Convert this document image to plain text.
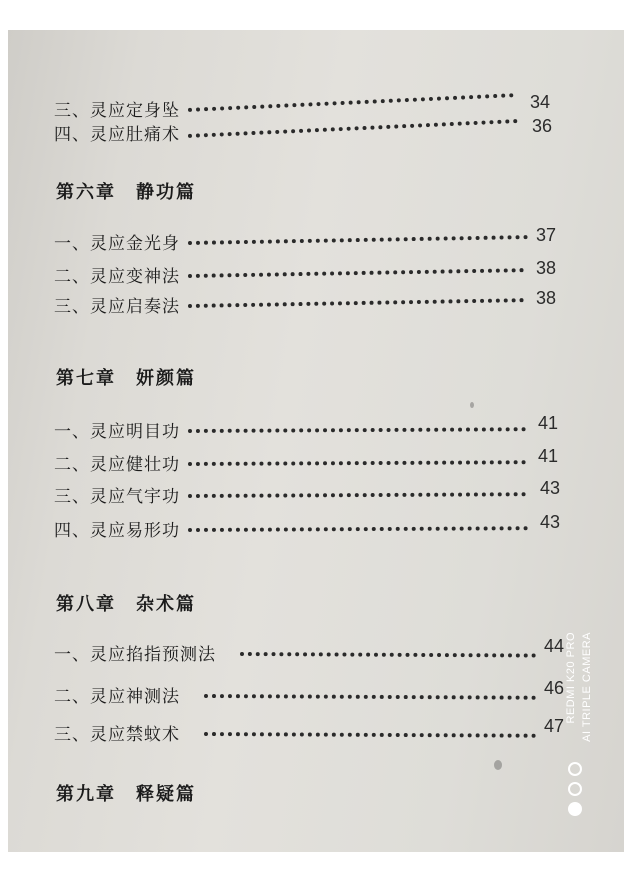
三、灵应定身坠	34
四、灵应肚痛术	36
第六章 静功篇
一、灵应金光身	37
二、灵应变神法	38
三、灵应启奏法	38
第七章 妍颜篇
一、灵应明目功	41
二、灵应健壮功	41
三、灵应气宇功	43
四、灵应易形功	43
第八章 杂术篇
一、灵应掐指预测法	44
二、灵应神测法	46
三、灵应禁蚊术	47
第九章 释疑篇
REDMI K20 PRO AI TRIPLE CAMERA
